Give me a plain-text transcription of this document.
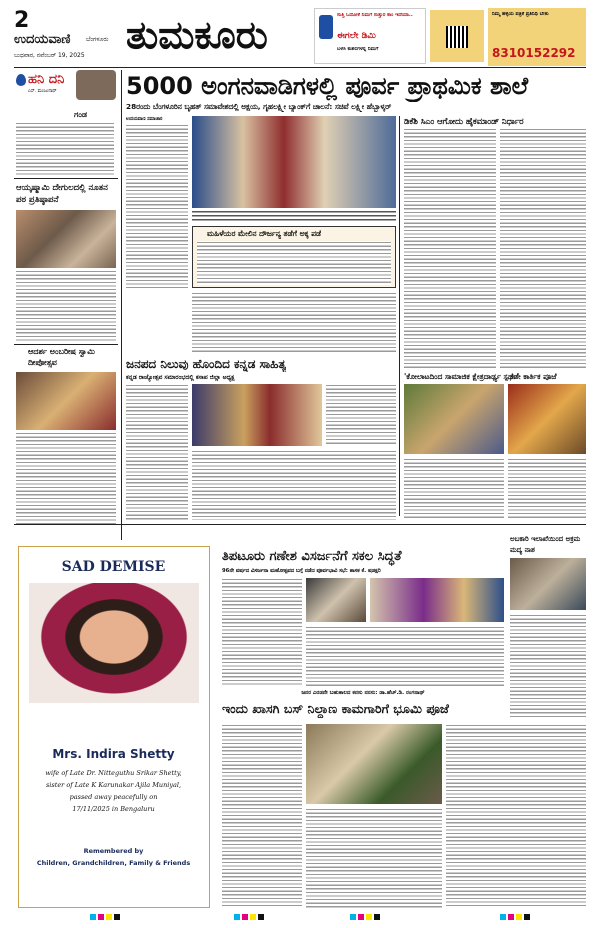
2
ಉದಯವಾಣಿ	ಬೆಂಗಳೂರು
ಬುಧವಾರ, ನವೆಂಬರ್ 19, 2025 ತುಮಕೂರು	ಸುತ್ತಿ ಓದೋಕೆ ನಿಮಗೆ ಸುತ್ತುರ ಕಾಂ ಇದೆಯಾ..
ಈಗಲೇ ಡಿಮಿ
ಬಳಸಿ ಕುಶಲಿಗಳನ್ನ ನಿಮಗೆ
ನಿಮ್ಮ ಹಳ್ಳಿಯ ಪತ್ರಿಕೆ ಪ್ರತಿನಿಧಿ ಬೇಕು
8310152292
ಹನಿ ದನಿ
ಎಸ್. ಮಂಜುನಾಥ್
ಗಂಡ
ಆಯ್ಕಷ್ಮಾಮಿ ದೇಗುಲದಲ್ಲಿ ನೂತನ ಪಠ ಪ್ರತಿಷ್ಠಾಪನೆ
ಆದರ್ಶ ಅಂಬರೀಷ ಸ್ವಾಮಿ ದೀಪೋತ್ಸವ
5000 ಅಂಗನವಾಡಿಗಳಲ್ಲಿ ಪೂರ್ವ ಪ್ರಾಥಮಿಕ ಶಾಲೆ
28ರಂದು ಬೆಂಗಳೂರಿನ ಬೃಹತ್ ಸಮಾವೇಶದಲ್ಲಿ ಅಕ್ಷಯ, ಗೃಹಲಕ್ಷ್ಮೀ ಬ್ಯಾಂಕ್‌ಗೆ ಚಾಲನೆ: ಸಚಿವೆ ಲಕ್ಷ್ಮೀ ಹೆಬ್ಬಾಳ್ಕರ್
ಉದಯವಾಣಿ ಸಮಾಚಾರ
ಮಹಿಳೆಯರ ಮೇಲಿನ ದೌರ್ಜನ್ಯ ತಡೆಗೆ ಅಕ್ಕ ಪಡೆ
ಜನಪದ ನಿಲುವು ಹೊಂದಿದ ಕನ್ನಡ ಸಾಹಿತ್ಯ
ಕನ್ನಡ ರಾಜ್ಯೋತ್ಸವ ಸಮಾರಂಭದಲ್ಲಿ ಕಸಾಪ ಜಿಲ್ಲಾ ಅಧ್ಯಕ್ಷ
ಡಿಕೆಶಿ ಸಿಎಂ ಆಗೋದು ಹೈಕಮಾಂಡ್ ನಿರ್ಧಾರ
'ಕೋಲಾಟದಿಂದ ಸಾಮಾಜಿಕ ಕ್ಷೇತ್ರದಾರ್ಢ್ಯ ಸ್ಪರ್ಧೆ'
ಕಡೇ ಕಾರ್ತಿಕ ಪೂಜೆ
SAD DEMISE
Mrs. Indira Shetty
wife of Late Dr. Nitteguthu Srikar Shetty,
sister of Late K Karunakar Ajila Muniyal,
passed away peacefully on
17/11/2025 in Bengaluru
Remembered by
Children, Grandchildren, Family & Friends
ತಿಪಟೂರು ಗಣೇಶ ವಿಸರ್ಜನೆಗೆ ಸಕಲ ಸಿದ್ಧತೆ
96ನೇ ವರ್ಷದ ವಿಸರ್ಜನಾ ಮಹೋತ್ಸವದ ಬಗ್ಗೆ ನಡೆದ ಪೂರ್ವಭಾವಿ ಸಭೆ: ಶಾಸಕ ಕೆ. ಷಡಕ್ಷರಿ
ಅಬಕಾರಿ ಇಲಾಖೆಯಿಂದ ಅಕ್ರಮ ಮದ್ಯ ನಾಶ
ಜನರ ಎರಡನೇ ಬಹುಕಾಲದ ಕನಸು ನನಸು: ಡಾ.ಹೆಚ್.ಡಿ. ರಂಗನಾಥ್
ಇಂದು ಖಾಸಗಿ ಬಸ್ ನಿಲ್ದಾಣ ಕಾಮಗಾರಿಗೆ ಭೂಮಿ ಪೂಜೆ
